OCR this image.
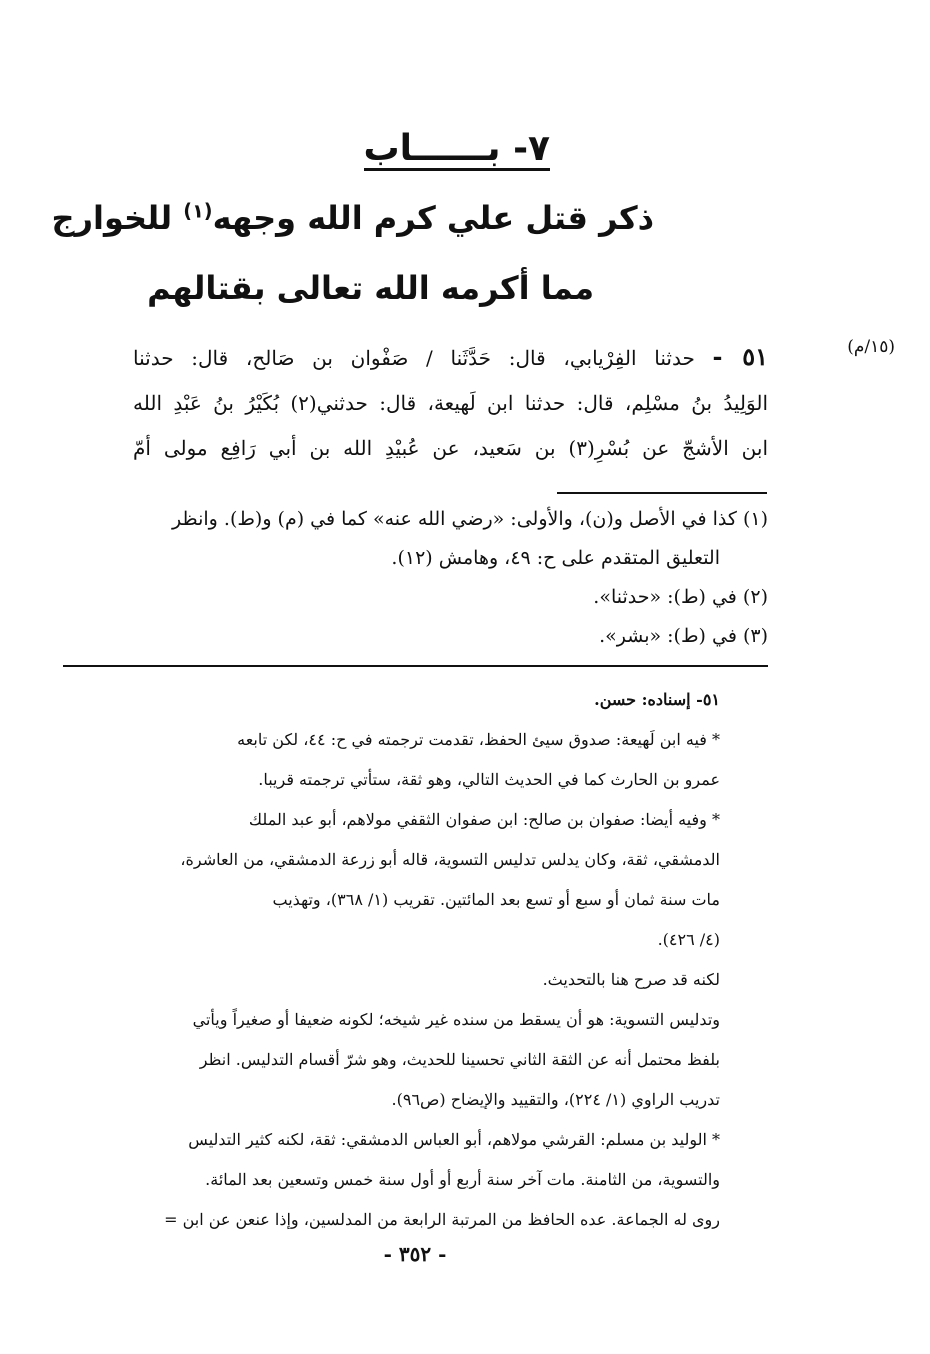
٧- بــــــاب
ذكر قتل علي كرم الله وجهه$^{(١)}$ للخوارج
مما أكرمه الله تعالى بقتالهم
(١٥/م)

٥١ - حدثنا الفِرْيابي، قال: حَدَّثَنا / صَفْوان بن صَالح، قال: حدثنا

الوَلِيدُ بنُ مسْلِم، قال: حدثنا ابن لَهيعة، قال: حدثني(٢) بُكَيْرُ بنُ عَبْدِ الله

ابن الأشجّ عن بُسْرِ(٣) بن سَعيد، عن عُبيْدِ الله بن أبي رَافِع مولى أمّ

(١) كذا في الأصل و(ن)، والأولى: «رضي الله عنه» كما في (م) و(ط). وانظر

التعليق المتقدم على ح: ٤٩، وهامش (١٢).

(٢) في (ط): «حدثنا».

(٣) في (ط): «بشر».

٥١- إسناده: حسن.

* فيه ابن لَهيعة: صدوق سيئ الحفظ، تقدمت ترجمته في ح: ٤٤، لكن تابعه

عمرو بن الحارث كما في الحديث التالي، وهو ثقة، ستأتي ترجمته قريبا.

* وفيه أيضا: صفوان بن صالح: ابن صفوان الثقفي مولاهم، أبو عبد الملك

الدمشقي، ثقة، وكان يدلس تدليس التسوية، قاله أبو زرعة الدمشقي، من العاشرة،

مات سنة ثمان أو سبع أو تسع بعد المائتين. تقريب (١/ ٣٦٨)، وتهذيب

(٤/ ٤٢٦).

لكنه قد صرح هنا بالتحديث.

وتدليس التسوية: هو أن يسقط من سنده غير شيخه؛ لكونه ضعيفا أو صغيراً ويأتي

بلفظ محتمل أنه عن الثقة الثاني تحسينا للحديث، وهو شرّ أقسام التدليس. انظر

تدريب الراوي (١/ ٢٢٤)، والتقييد والإيضاح (ص٩٦).

* الوليد بن مسلم: القرشي مولاهم، أبو العباس الدمشقي: ثقة، لكنه كثير التدليس

والتسوية، من الثامنة. مات آخر سنة أربع أو أول سنة خمس وتسعين بعد المائة.

روى له الجماعة. عده الحافظ من المرتبة الرابعة من المدلسين، وإذا عنعن عن ابن =

- ٣٥٢ -
